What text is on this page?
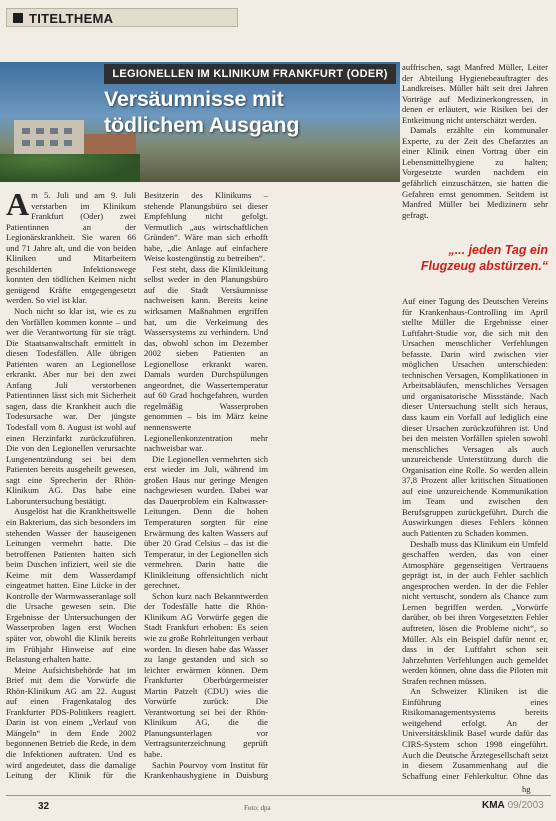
TITELTHEMA
LEGIONELLEN IM KLINIKUM FRANKFURT (ODER)
Versäumnisse mit
tödlichem Ausgang

Am 5. Juli und am 9. Juli verstarben im Klinikum Frankfurt (Oder) zwei Patientinnen an der Legionärskrankheit. Sie waren 66 und 71 Jahre alt, und die von beiden Kliniken und Mitarbeitern geschilderten Infektionswege konnten den tödlichen Keimen nicht genügend Kräfte entgegengesetzt werden. So viel ist klar.

Noch nicht so klar ist, wie es zu den Vorfällen kommen konnte – und wer die Verantwortung für sie trägt. Die Staatsanwaltschaft ermittelt in diesen Todesfällen. Alle übrigen Patienten waren an Legionellose erkrankt. Aber nur bei den zwei Anfang Juli verstorbenen Patientinnen lässt sich mit Sicherheit sagen, dass die Krankheit auch die Todesursache war. Der jüngste Todesfall vom 8. August ist wohl auf einen Herzinfarkt zurückzuführen. Die von den Legionellen verursachte Lungenentzündung sei bei dem Patienten bereits ausgeheilt gewesen, sagt eine Sprecherin der Rhön-Klinikum AG. Das habe eine Laboruntersuchung bestätigt.

Ausgelöst hat die Krankheitswelle ein Bakterium, das sich besonders im stehenden Wasser der hauseigenen Leitungen vermehrt hatte. Die betroffenen Patienten hatten sich beim Duschen infiziert, weil sie die Keime mit dem Wasserdampf eingeatmet hatten. Eine Lücke in der Kontrolle der Warmwasseranlage soll die Ursache gewesen sein. Die Ergebnisse der Untersuchungen der Wasserproben lagen erst Wochen später vor, obwohl die Klinik bereits im Frühjahr Hinweise auf eine Belastung erhalten hatte.

Meine Aufsichtsbehörde hat im Brief mit dem die Vorwürfe die Rhön-Klinikum AG am 22. August auf einen Fragenkatalog des Frankfurter PDS-Politikers reagiert. Darin ist von einem „Verlauf von Mängeln“ in dem Ende 2002 begonnenen Betrieb die Rede, in dem die Infektionen auftraten. Und es wird angedeutet, dass die damalige Leitung der Klinik für die

Besitzerin des Klinikums – stehende Planungsbüro sei dieser Empfehlung nicht gefolgt. Vermutlich „aus wirtschaftlichen Gründen“. Wäre man sich erhofft habe, „die Anlage auf einfachere Weise kostengünstig zu betreiben“.

Fest steht, dass die Klinikleitung selbst weder in den Planungsbüro auf die Stadt Versäumnisse nachweisen kann. Bereits keine wirksamen Maßnahmen ergriffen hat, um die Verkeimung des Wassersystems zu verhindern. Und das, obwohl schon im Dezember 2002 sieben Patienten an Legionellose erkrankt waren. Damals wurden Durchspülungen angeordnet, die Wassertemperatur auf 60 Grad hochgefahren, wurden regelmäßig Wasserproben genommen – bis im März keine nennenswerte Legionellenkonzentration mehr nachweisbar war.

Die Legionellen vermehrten sich erst wieder im Juli, während im großen Haus nur geringe Mengen nachgewiesen wurden. Dabei war das Dauerproblem ein Kaltwasser-Leitungen. Denn die hohen Temperaturen sorgten für eine Erwärmung des kalten Wassers auf über 20 Grad Celsius – das ist die Temperatur, in der Legionellen sich vermehren. Darin hatte die Klinikleitung offensichtlich nicht gerechnet.

Schon kurz nach Bekanntwerden der Todesfälle hatte die Rhön-Klinikum AG Vorwürfe gegen die Stadt Frankfurt erhoben: Es seien wie zu große Rohrleitungen verbaut worden. In diesen habe das Wasser zu lange gestanden und sich so leichter erwärmen können. Dem Frankfurter Oberbürgermeister Martin Patzelt (CDU) wies die Vorwürfe zurück: Die Verantwortung sei bei der Rhön-Klinikum AG, die die Planungsunterlagen vor Vertragsunterzeichnung geprüft habe.

Sachin Pourvoy vom Institut für Krankenhaushygiene in Duisburg

auffrischen, sagt Manfred Müller, Leiter der Abteilung Hygienebeauftragter des Landkreises. Müller hält seit drei Jahren Vorträge auf Medizinerkongressen, in denen er erläutert, wie Risiken bei der Entkeimung nicht unterschätzt werden.

Damals erzählte ein kommunaler Experte, zu der Zeit des Chefarztes an einer Klinik einen Vortrag über ein Lebensmittelhygiene zu halten; Vorgesetzte wurden nachdem ein gefährlich einzuschätzen, sie hatten die Gefahren ernst genommen. Seitdem ist Manfred Müller bei Medizinern sehr gefragt.

„... jeden Tag ein
Flugzeug abstürzen.“

Auf einer Tagung des Deutschen Vereins für Krankenhaus-Controlling im April stellte Müller die Ergebnisse einer Luftfahrt-Studie vor, die sich mit den Ursachen menschlicher Verfehlungen befasste. Darin wird zwischen vier möglichen Ursachen unterschieden: technischen Versagen, Komplikationen in Arbeitsabläufen, menschliches Versagen und organisatorische Missstände. Nach dieser Untersuchung stellt sich heraus, dass kaum ein Vorfall auf lediglich eine dieser Ursachen zurückzuführen ist. Und bei den meisten Vorfällen spielen sowohl menschliches Versagen als auch unzureichende Unterstützung durch die Organisation eine Rolle. So werden allein 37,8 Prozent aller kritischen Situationen auf eine unzureichende Kommunikation im Team und zwischen den Berufsgruppen zurückgeführt. Durch die Auswirkungen dieses Fehlers können auch Patienten zu Schaden kommen.

Deshalb muss das Klinikum ein Umfeld geschaffen werden, das von einer Atmosphäre gegenseitigen Vertrauens geprägt ist, in der auch Fehler sachlich angesprochen werden. In der die Fehler nicht vertuscht, sondern als Chance zum Lernen begriffen werden. „Vorwürfe darüber, ob bei ihren Vorgesetzten Fehler auftreten, lösen die Probleme nicht“, so Müller. Als ein Beispiel dafür nennt er, dass in der Luftfahrt schon seit Jahrzehnten Verfehlungen auch gemeldet werden können, ohne dass die Piloten mit Strafen rechnen müssen.

An Schweizer Kliniken ist die Einführung eines Risikomanagementsystems bereits weitgehend erfolgt. An der Universitätsklinik Basel wurde dafür das CIRS-System schon 1998 eingeführt. Auch die Deutsche Ärztegesellschaft setzt in diesem Zusammenhang auf die Schaffung einer Fehlerkultur. Ohne das

hg
32	Foto: dpa	KMA 09/2003
